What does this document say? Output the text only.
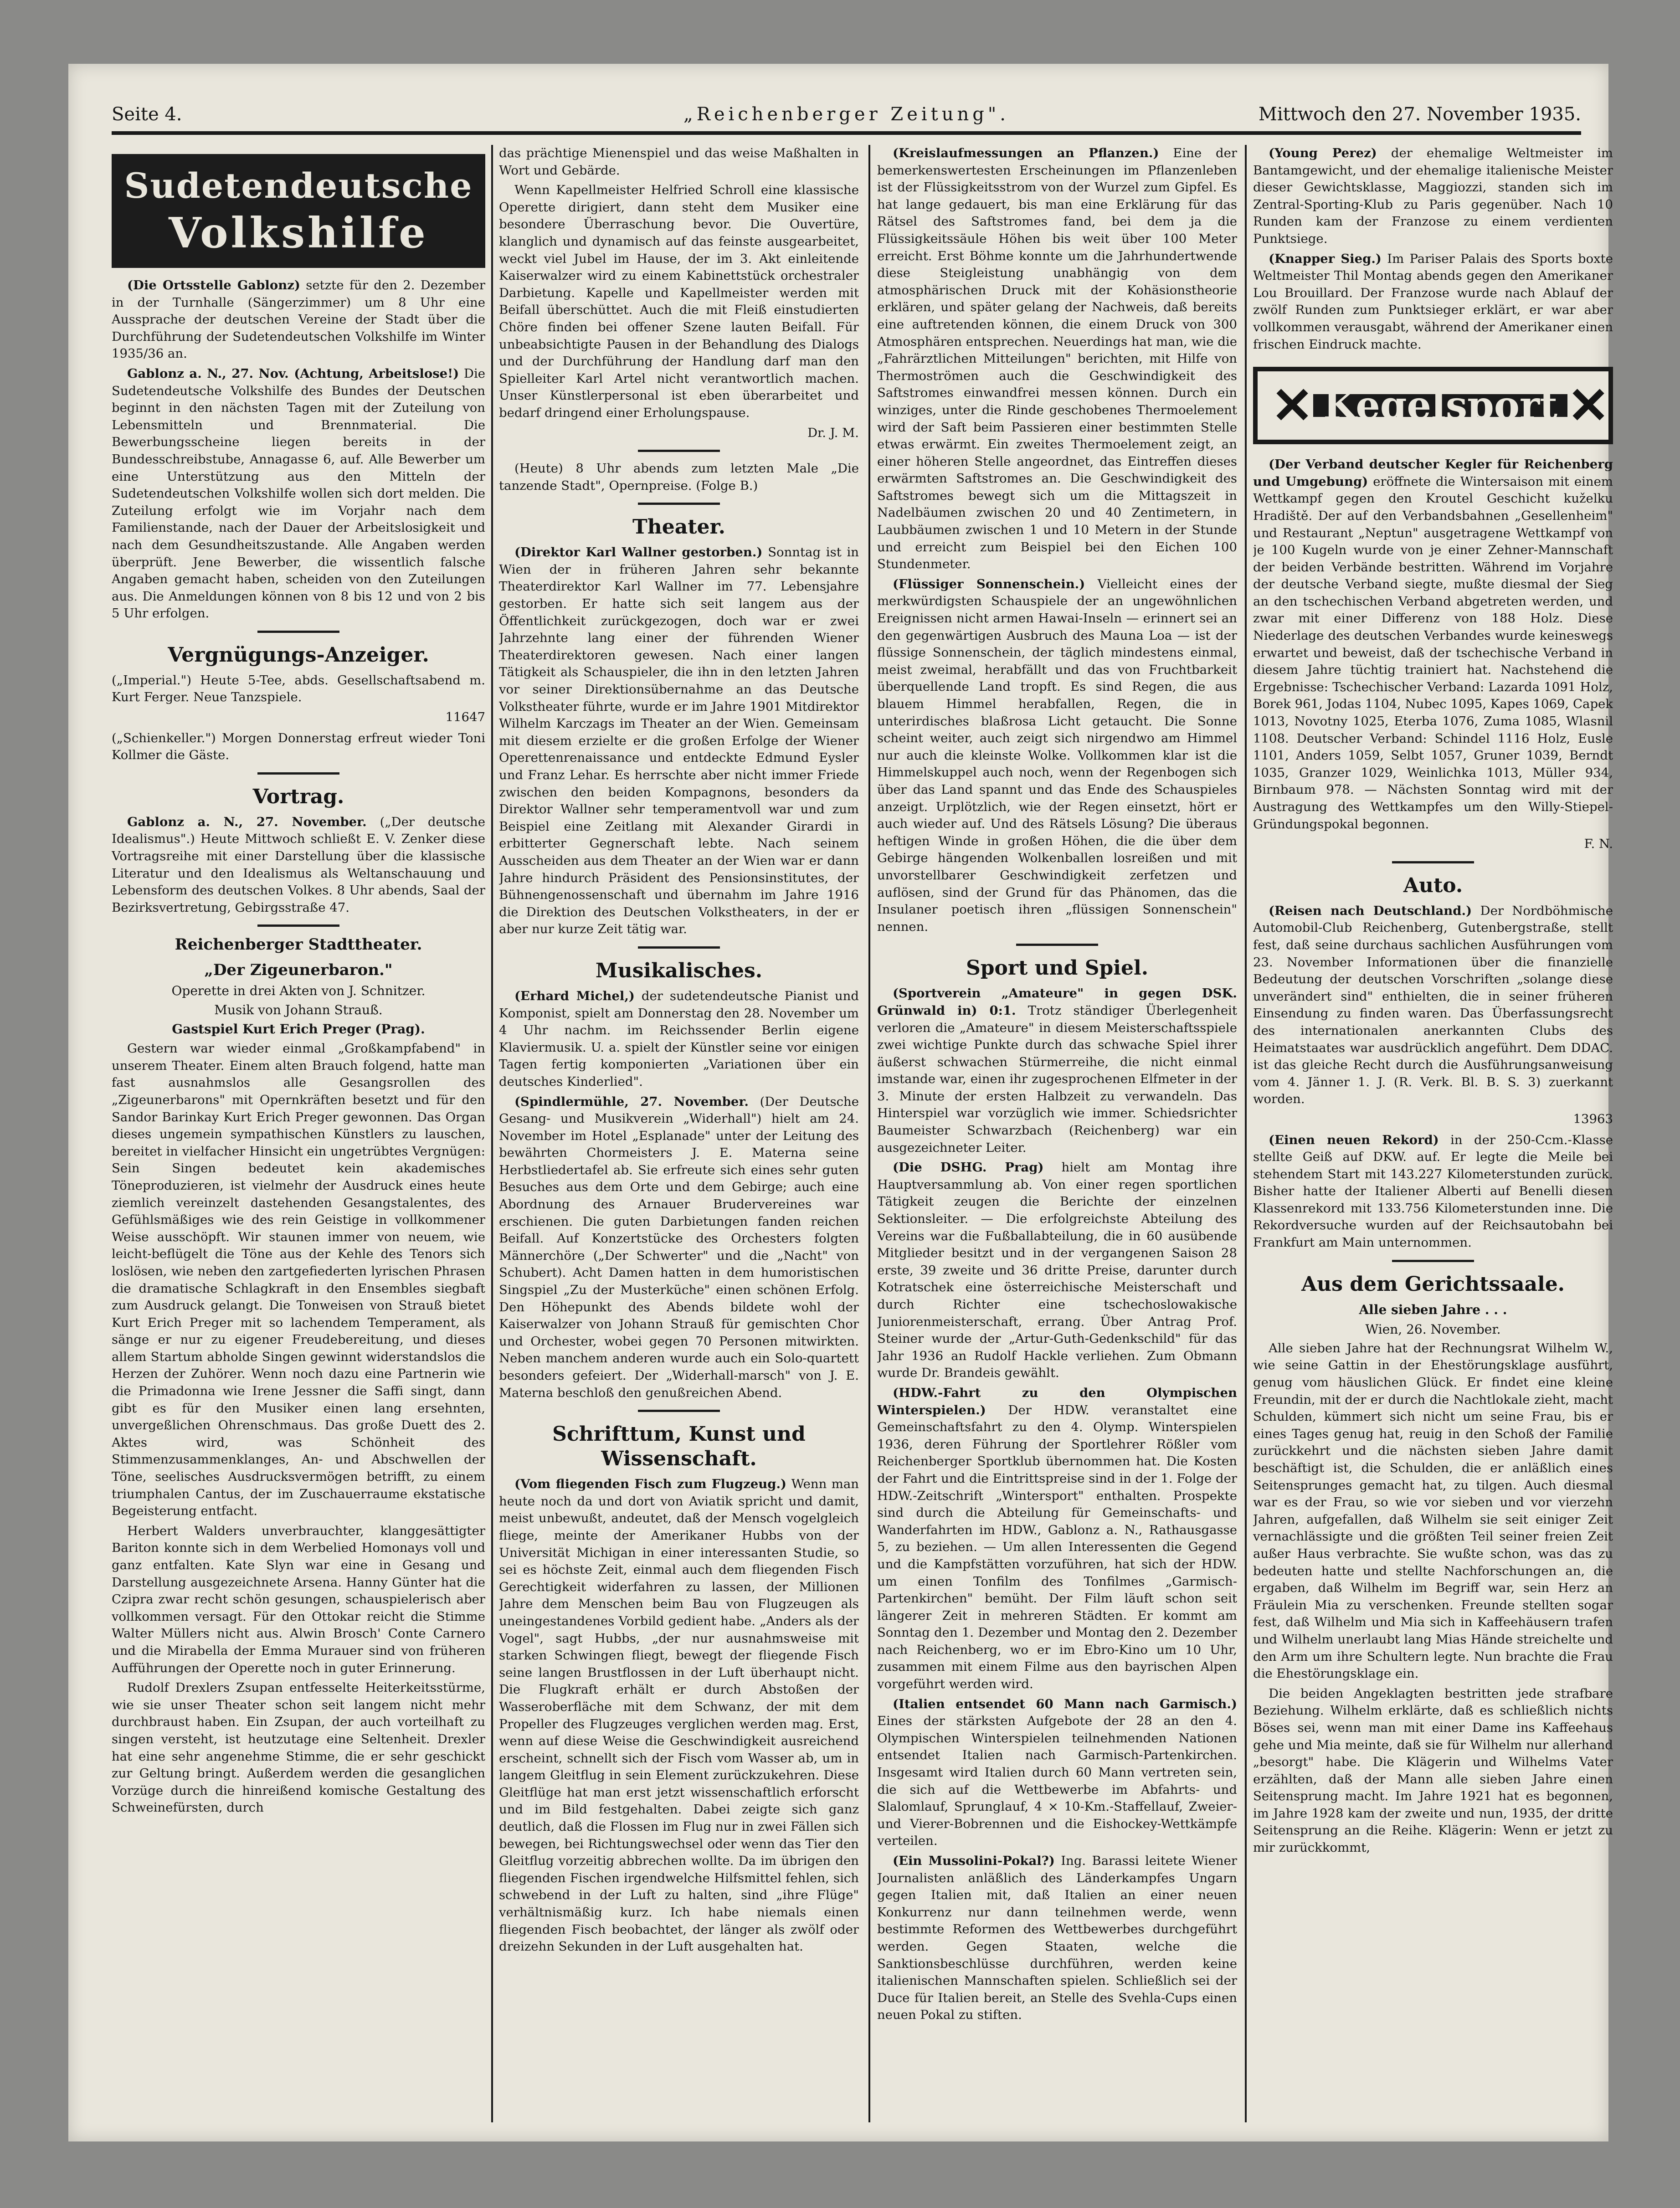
Seite 4.	„Reichenberger Zeitung".	Mittwoch den 27. November 1935.
Sudetendeutsche
Volkshilfe

(Die Ortsstelle Gablonz) setzte für den 2. Dezember in der Turnhalle (Sängerzimmer) um 8 Uhr eine Aussprache der deutschen Vereine der Stadt über die Durchführung der Sudetendeutschen Volkshilfe im Winter 1935/36 an.

Gablonz a. N., 27. Nov. (Achtung, Arbeitslose!) Die Sudetendeutsche Volkshilfe des Bundes der Deutschen beginnt in den nächsten Tagen mit der Zuteilung von Lebensmitteln und Brennmaterial. Die Bewerbungsscheine liegen bereits in der Bundesschreibstube, Annagasse 6, auf. Alle Bewerber um eine Unterstützung aus den Mitteln der Sudetendeutschen Volkshilfe wollen sich dort melden. Die Zuteilung erfolgt wie im Vorjahr nach dem Familienstande, nach der Dauer der Arbeitslosigkeit und nach dem Gesundheitszustande. Alle Angaben werden überprüft. Jene Bewerber, die wissentlich falsche Angaben gemacht haben, scheiden von den Zuteilungen aus. Die Anmeldungen können von 8 bis 12 und von 2 bis 5 Uhr erfolgen.

Vergnügungs-Anzeiger.

(„Imperial.") Heute 5-Tee, abds. Gesellschaftsabend m. Kurt Ferger. Neue Tanzspiele.

11647

(„Schienkeller.") Morgen Donnerstag erfreut wieder Toni Kollmer die Gäste.

Vortrag.

Gablonz a. N., 27. November. („Der deutsche Idealismus".) Heute Mittwoch schließt E. V. Zenker diese Vortragsreihe mit einer Darstellung über die klassische Literatur und den Idealismus als Weltanschauung und Lebensform des deutschen Volkes. 8 Uhr abends, Saal der Bezirksvertretung, Gebirgsstraße 47.

Reichenberger Stadttheater.
„Der Zigeunerbaron."
Operette in drei Akten von J. Schnitzer.
Musik von Johann Strauß.
Gastspiel Kurt Erich Preger (Prag).

Gestern war wieder einmal „Großkampfabend" in unserem Theater. Einem alten Brauch folgend, hatte man fast ausnahmslos alle Gesangsrollen des „Zigeunerbarons" mit Opernkräften besetzt und für den Sandor Barinkay Kurt Erich Preger gewonnen. Das Organ dieses ungemein sympathischen Künstlers zu lauschen, bereitet in vielfacher Hinsicht ein ungetrübtes Vergnügen: Sein Singen bedeutet kein akademisches Töneproduzieren, ist vielmehr der Ausdruck eines heute ziemlich vereinzelt dastehenden Gesangstalentes, des Gefühlsmäßiges wie des rein Geistige in vollkommener Weise ausschöpft. Wir staunen immer von neuem, wie leicht-beflügelt die Töne aus der Kehle des Tenors sich loslösen, wie neben den zartgefiederten lyrischen Phrasen die dramatische Schlagkraft in den Ensembles siegbaft zum Ausdruck gelangt. Die Tonweisen von Strauß bietet Kurt Erich Preger mit so lachendem Temperament, als sänge er nur zu eigener Freudebereitung, und dieses allem Startum abholde Singen gewinnt widerstandslos die Herzen der Zuhörer. Wenn noch dazu eine Partnerin wie die Primadonna wie Irene Jessner die Saffi singt, dann gibt es für den Musiker einen lang ersehnten, unvergeßlichen Ohrenschmaus. Das große Duett des 2. Aktes wird, was Schönheit des Stimmenzusammenklanges, An- und Abschwellen der Töne, seelisches Ausdrucksvermögen betrifft, zu einem triumphalen Cantus, der im Zuschauerraume ekstatische Begeisterung entfacht.

Herbert Walders unverbrauchter, klanggesättigter Bariton konnte sich in dem Werbelied Homonays voll und ganz entfalten. Kate Slyn war eine in Gesang und Darstellung ausgezeichnete Arsena. Hanny Günter hat die Czipra zwar recht schön gesungen, schauspielerisch aber vollkommen versagt. Für den Ottokar reicht die Stimme Walter Müllers nicht aus. Alwin Brosch' Conte Carnero und die Mirabella der Emma Murauer sind von früheren Aufführungen der Operette noch in guter Erinnerung.

Rudolf Drexlers Zsupan entfesselte Heiterkeitsstürme, wie sie unser Theater schon seit langem nicht mehr durchbraust haben. Ein Zsupan, der auch vorteilhaft zu singen versteht, ist heutzutage eine Seltenheit. Drexler hat eine sehr angenehme Stimme, die er sehr geschickt zur Geltung bringt. Außerdem werden die gesanglichen Vorzüge durch die hinreißend komische Gestaltung des Schweinefürsten, durch

das prächtige Mienenspiel und das weise Maßhalten in Wort und Gebärde.

Wenn Kapellmeister Helfried Schroll eine klassische Operette dirigiert, dann steht dem Musiker eine besondere Überraschung bevor. Die Ouvertüre, klanglich und dynamisch auf das feinste ausgearbeitet, weckt viel Jubel im Hause, der im 3. Akt einleitende Kaiserwalzer wird zu einem Kabinettstück orchestraler Darbietung. Kapelle und Kapellmeister werden mit Beifall überschüttet. Auch die mit Fleiß einstudierten Chöre finden bei offener Szene lauten Beifall. Für unbeabsichtigte Pausen in der Behandlung des Dialogs und der Durchführung der Handlung darf man den Spielleiter Karl Artel nicht verantwortlich machen. Unser Künstlerpersonal ist eben überarbeitet und bedarf dringend einer Erholungspause.

Dr. J. M.

(Heute) 8 Uhr abends zum letzten Male „Die tanzende Stadt", Opernpreise. (Folge B.)

Theater.

(Direktor Karl Wallner gestorben.) Sonntag ist in Wien der in früheren Jahren sehr bekannte Theaterdirektor Karl Wallner im 77. Lebensjahre gestorben. Er hatte sich seit langem aus der Öffentlichkeit zurückgezogen, doch war er zwei Jahrzehnte lang einer der führenden Wiener Theaterdirektoren gewesen. Nach einer langen Tätigkeit als Schauspieler, die ihn in den letzten Jahren vor seiner Direktionsübernahme an das Deutsche Volkstheater führte, wurde er im Jahre 1901 Mitdirektor Wilhelm Karczags im Theater an der Wien. Gemeinsam mit diesem erzielte er die großen Erfolge der Wiener Operettenrenaissance und entdeckte Edmund Eysler und Franz Lehar. Es herrschte aber nicht immer Friede zwischen den beiden Kompagnons, besonders da Direktor Wallner sehr temperamentvoll war und zum Beispiel eine Zeitlang mit Alexander Girardi in erbitterter Gegnerschaft lebte. Nach seinem Ausscheiden aus dem Theater an der Wien war er dann Jahre hindurch Präsident des Pensionsinstitutes, der Bühnengenossenschaft und übernahm im Jahre 1916 die Direktion des Deutschen Volkstheaters, in der er aber nur kurze Zeit tätig war.

Musikalisches.

(Erhard Michel,) der sudetendeutsche Pianist und Komponist, spielt am Donnerstag den 28. November um 4 Uhr nachm. im Reichssender Berlin eigene Klaviermusik. U. a. spielt der Künstler seine vor einigen Tagen fertig komponierten „Variationen über ein deutsches Kinderlied".

(Spindlermühle, 27. November. (Der Deutsche Gesang- und Musikverein „Widerhall") hielt am 24. November im Hotel „Esplanade" unter der Leitung des bewährten Chormeisters J. E. Materna seine Herbstliedertafel ab. Sie erfreute sich eines sehr guten Besuches aus dem Orte und dem Gebirge; auch eine Abordnung des Arnauer Brudervereines war erschienen. Die guten Darbietungen fanden reichen Beifall. Auf Konzertstücke des Orchesters folgten Männerchöre („Der Schwerter" und die „Nacht" von Schubert). Acht Damen hatten in dem humoristischen Singspiel „Zu der Musterküche" einen schönen Erfolg. Den Höhepunkt des Abends bildete wohl der Kaiserwalzer von Johann Strauß für gemischten Chor und Orchester, wobei gegen 70 Personen mitwirkten. Neben manchem anderen wurde auch ein Solo-quartett besonders gefeiert. Der „Widerhall-marsch" von J. E. Materna beschloß den genußreichen Abend.

Schrifttum, Kunst und Wissenschaft.

(Vom fliegenden Fisch zum Flugzeug.) Wenn man heute noch da und dort von Aviatik spricht und damit, meist unbewußt, andeutet, daß der Mensch vogelgleich fliege, meinte der Amerikaner Hubbs von der Universität Michigan in einer interessanten Studie, so sei es höchste Zeit, einmal auch dem fliegenden Fisch Gerechtigkeit widerfahren zu lassen, der Millionen Jahre dem Menschen beim Bau von Flugzeugen als uneingestandenes Vorbild gedient habe. „Anders als der Vogel", sagt Hubbs, „der nur ausnahmsweise mit starken Schwingen fliegt, bewegt der fliegende Fisch seine langen Brustflossen in der Luft überhaupt nicht. Die Flugkraft erhält er durch Abstoßen der Wasseroberfläche mit dem Schwanz, der mit dem Propeller des Flugzeuges verglichen werden mag. Erst, wenn auf diese Weise die Geschwindigkeit ausreichend erscheint, schnellt sich der Fisch vom Wasser ab, um in langem Gleitflug in sein Element zurückzukehren. Diese Gleitflüge hat man erst jetzt wissenschaftlich erforscht und im Bild festgehalten. Dabei zeigte sich ganz deutlich, daß die Flossen im Flug nur in zwei Fällen sich bewegen, bei Richtungswechsel oder wenn das Tier den Gleitflug vorzeitig abbrechen wollte. Da im übrigen den fliegenden Fischen irgendwelche Hilfsmittel fehlen, sich schwebend in der Luft zu halten, sind „ihre Flüge" verhältnismäßig kurz. Ich habe niemals einen fliegenden Fisch beobachtet, der länger als zwölf oder dreizehn Sekunden in der Luft ausgehalten hat.

(Kreislaufmessungen an Pflanzen.) Eine der bemerkenswertesten Erscheinungen im Pflanzenleben ist der Flüssigkeitsstrom von der Wurzel zum Gipfel. Es hat lange gedauert, bis man eine Erklärung für das Rätsel des Saftstromes fand, bei dem ja die Flüssigkeitssäule Höhen bis weit über 100 Meter erreicht. Erst Böhme konnte um die Jahrhundertwende diese Steigleistung unabhängig von dem atmosphärischen Druck mit der Kohäsionstheorie erklären, und später gelang der Nachweis, daß bereits eine auftretenden können, die einem Druck von 300 Atmosphären entsprechen. Neuerdings hat man, wie die „Fahrärztlichen Mitteilungen" berichten, mit Hilfe von Thermoströmen auch die Geschwindigkeit des Saftstromes einwandfrei messen können. Durch ein winziges, unter die Rinde geschobenes Thermoelement wird der Saft beim Passieren einer bestimmten Stelle etwas erwärmt. Ein zweites Thermoelement zeigt, an einer höheren Stelle angeordnet, das Eintreffen dieses erwärmten Saftstromes an. Die Geschwindigkeit des Saftstromes bewegt sich um die Mittagszeit in Nadelbäumen zwischen 20 und 40 Zentimetern, in Laubbäumen zwischen 1 und 10 Metern in der Stunde und erreicht zum Beispiel bei den Eichen 100 Stundenmeter.

(Flüssiger Sonnenschein.) Vielleicht eines der merkwürdigsten Schauspiele der an ungewöhnlichen Ereignissen nicht armen Hawai-Inseln — erinnert sei an den gegenwärtigen Ausbruch des Mauna Loa — ist der flüssige Sonnenschein, der täglich mindestens einmal, meist zweimal, herabfällt und das von Fruchtbarkeit überquellende Land tropft. Es sind Regen, die aus blauem Himmel herabfallen, Regen, die in unterirdisches blaßrosa Licht getaucht. Die Sonne scheint weiter, auch zeigt sich nirgendwo am Himmel nur auch die kleinste Wolke. Vollkommen klar ist die Himmelskuppel auch noch, wenn der Regenbogen sich über das Land spannt und das Ende des Schauspieles anzeigt. Urplötzlich, wie der Regen einsetzt, hört er auch wieder auf. Und des Rätsels Lösung? Die überaus heftigen Winde in großen Höhen, die die über dem Gebirge hängenden Wolkenballen losreißen und mit unvorstellbarer Geschwindigkeit zerfetzen und auflösen, sind der Grund für das Phänomen, das die Insulaner poetisch ihren „flüssigen Sonnenschein" nennen.

Sport und Spiel.

(Sportverein „Amateure" in gegen DSK. Grünwald in) 0:1. Trotz ständiger Überlegenheit verloren die „Amateure" in diesem Meisterschaftsspiele zwei wichtige Punkte durch das schwache Spiel ihrer äußerst schwachen Stürmerreihe, die nicht einmal imstande war, einen ihr zugesprochenen Elfmeter in der 3. Minute der ersten Halbzeit zu verwandeln. Das Hinterspiel war vorzüglich wie immer. Schiedsrichter Baumeister Schwarzbach (Reichenberg) war ein ausgezeichneter Leiter.

(Die DSHG. Prag) hielt am Montag ihre Hauptversammlung ab. Von einer regen sportlichen Tätigkeit zeugen die Berichte der einzelnen Sektionsleiter. — Die erfolgreichste Abteilung des Vereins war die Fußballabteilung, die in 60 ausübende Mitglieder besitzt und in der vergangenen Saison 28 erste, 39 zweite und 36 dritte Preise, darunter durch Kotratschek eine österreichische Meisterschaft und durch Richter eine tschechoslowakische Juniorenmeisterschaft, errang. Über Antrag Prof. Steiner wurde der „Artur-Guth-Gedenkschild" für das Jahr 1936 an Rudolf Hackle verliehen. Zum Obmann wurde Dr. Brandeis gewählt.

(HDW.-Fahrt zu den Olympischen Winterspielen.) Der HDW. veranstaltet eine Gemeinschaftsfahrt zu den 4. Olymp. Winterspielen 1936, deren Führung der Sportlehrer Rößler vom Reichenberger Sportklub übernommen hat. Die Kosten der Fahrt und die Eintrittspreise sind in der 1. Folge der HDW.-Zeitschrift „Wintersport" enthalten. Prospekte sind durch die Abteilung für Gemeinschafts- und Wanderfahrten im HDW., Gablonz a. N., Rathausgasse 5, zu beziehen. — Um allen Interessenten die Gegend und die Kampfstätten vorzuführen, hat sich der HDW. um einen Tonfilm des Tonfilmes „Garmisch-Partenkirchen" bemüht. Der Film läuft schon seit längerer Zeit in mehreren Städten. Er kommt am Sonntag den 1. Dezember und Montag den 2. Dezember nach Reichenberg, wo er im Ebro-Kino um 10 Uhr, zusammen mit einem Filme aus den bayrischen Alpen vorgeführt werden wird.

(Italien entsendet 60 Mann nach Garmisch.) Eines der stärksten Aufgebote der 28 an den 4. Olympischen Winterspielen teilnehmenden Nationen entsendet Italien nach Garmisch-Partenkirchen. Insgesamt wird Italien durch 60 Mann vertreten sein, die sich auf die Wettbewerbe im Abfahrts- und Slalomlauf, Sprunglauf, 4 × 10-Km.-Staffellauf, Zweier- und Vierer-Bobrennen und die Eishockey-Wettkämpfe verteilen.

(Ein Mussolini-Pokal?) Ing. Barassi leitete Wiener Journalisten anläßlich des Länderkampfes Ungarn gegen Italien mit, daß Italien an einer neuen Konkurrenz nur dann teilnehmen werde, wenn bestimmte Reformen des Wettbewerbes durchgeführt werden. Gegen Staaten, welche die Sanktionsbeschlüsse durchführen, werden keine italienischen Mannschaften spielen. Schließlich sei der Duce für Italien bereit, an Stelle des Svehla-Cups einen neuen Pokal zu stiften.

(Young Perez) der ehemalige Weltmeister im Bantamgewicht, und der ehemalige italienische Meister dieser Gewichtsklasse, Maggiozzi, standen sich im Zentral-Sporting-Klub zu Paris gegenüber. Nach 10 Runden kam der Franzose zu einem verdienten Punktsiege.

(Knapper Sieg.) Im Pariser Palais des Sports boxte Weltmeister Thil Montag abends gegen den Amerikaner Lou Brouillard. Der Franzose wurde nach Ablauf der zwölf Runden zum Punktsieger erklärt, er war aber vollkommen verausgabt, während der Amerikaner einen frischen Eindruck machte.

✕ Kegelsport ✕

(Der Verband deutscher Kegler für Reichenberg und Umgebung) eröffnete die Wintersaison mit einem Wettkampf gegen den Kroutel Geschicht kuželku Hradiště. Der auf den Verbandsbahnen „Gesellenheim" und Restaurant „Neptun" ausgetragene Wettkampf von je 100 Kugeln wurde von je einer Zehner-Mannschaft der beiden Verbände bestritten. Während im Vorjahre der deutsche Verband siegte, mußte diesmal der Sieg an den tschechischen Verband abgetreten werden, und zwar mit einer Differenz von 188 Holz. Diese Niederlage des deutschen Verbandes wurde keineswegs erwartet und beweist, daß der tschechische Verband in diesem Jahre tüchtig trainiert hat. Nachstehend die Ergebnisse: Tschechischer Verband: Lazarda 1091 Holz, Borek 961, Jodas 1104, Nubec 1095, Kapes 1069, Capek 1013, Novotny 1025, Eterba 1076, Zuma 1085, Wlasnil 1108. Deutscher Verband: Schindel 1116 Holz, Eusle 1101, Anders 1059, Selbt 1057, Gruner 1039, Berndt 1035, Granzer 1029, Weinlichka 1013, Müller 934, Birnbaum 978. — Nächsten Sonntag wird mit der Austragung des Wettkampfes um den Willy-Stiepel-Gründungspokal begonnen.

F. N.
Auto.

(Reisen nach Deutschland.) Der Nordböhmische Automobil-Club Reichenberg, Gutenbergstraße, stellt fest, daß seine durchaus sachlichen Ausführungen vom 23. November Informationen über die finanzielle Bedeutung der deutschen Vorschriften „solange diese unverändert sind" enthielten, die in seiner früheren Einsendung zu finden waren. Das Überfassungsrecht des internationalen anerkannten Clubs des Heimatstaates war ausdrücklich angeführt. Dem DDAC. ist das gleiche Recht durch die Ausführungsanweisung vom 4. Jänner 1. J. (R. Verk. Bl. B. S. 3) zuerkannt worden.

13963

(Einen neuen Rekord) in der 250-Ccm.-Klasse stellte Geiß auf DKW. auf. Er legte die Meile bei stehendem Start mit 143.227 Kilometerstunden zurück. Bisher hatte der Italiener Alberti auf Benelli diesen Klassenrekord mit 133.756 Kilometerstunden inne. Die Rekordversuche wurden auf der Reichsautobahn bei Frankfurt am Main unternommen.

Aus dem Gerichtssaale.
Alle sieben Jahre . . .
Wien, 26. November.

Alle sieben Jahre hat der Rechnungsrat Wilhelm W., wie seine Gattin in der Ehestörungsklage ausführt, genug vom häuslichen Glück. Er findet eine kleine Freundin, mit der er durch die Nachtlokale zieht, macht Schulden, kümmert sich nicht um seine Frau, bis er eines Tages genug hat, reuig in den Schoß der Familie zurückkehrt und die nächsten sieben Jahre damit beschäftigt ist, die Schulden, die er anläßlich eines Seitensprunges gemacht hat, zu tilgen. Auch diesmal war es der Frau, so wie vor sieben und vor vierzehn Jahren, aufgefallen, daß Wilhelm sie seit einiger Zeit vernachlässigte und die größten Teil seiner freien Zeit außer Haus verbrachte. Sie wußte schon, was das zu bedeuten hatte und stellte Nachforschungen an, die ergaben, daß Wilhelm im Begriff war, sein Herz an Fräulein Mia zu verschenken. Freunde stellten sogar fest, daß Wilhelm und Mia sich in Kaffeehäusern trafen und Wilhelm unerlaubt lang Mias Hände streichelte und den Arm um ihre Schultern legte. Nun brachte die Frau die Ehestörungsklage ein.

Die beiden Angeklagten bestritten jede strafbare Beziehung. Wilhelm erklärte, daß es schließlich nichts Böses sei, wenn man mit einer Dame ins Kaffeehaus gehe und Mia meinte, daß sie für Wilhelm nur allerhand „besorgt" habe. Die Klägerin und Wilhelms Vater erzählten, daß der Mann alle sieben Jahre einen Seitensprung macht. Im Jahre 1921 hat es begonnen, im Jahre 1928 kam der zweite und nun, 1935, der dritte Seitensprung an die Reihe. Klägerin: Wenn er jetzt zu mir zurückkommt,
